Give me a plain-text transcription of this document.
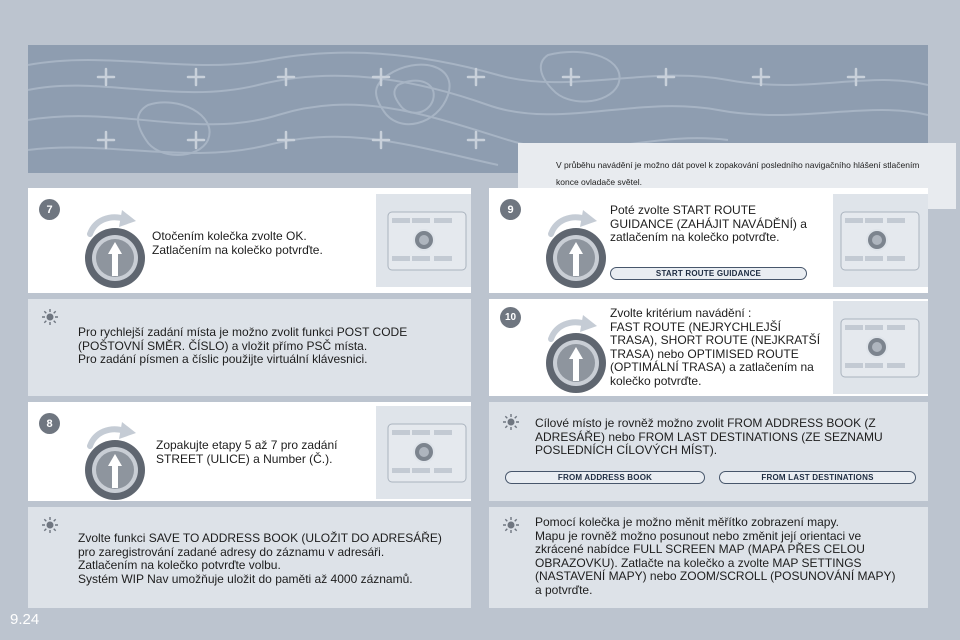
V průběhu navádění je možno dát povel k zopakování posledního navigačního hlášení stlačením konce ovladače světel.
7
Otočením kolečka zvolte OK.
Zatlačením na kolečko potvrďte.
Pro rychlejší zadání místa je možno zvolit funkci POST CODE
(POŠTOVNÍ SMĚR. ČÍSLO) a vložit přímo PSČ místa.
Pro zadání písmen a číslic použijte virtuální klávesnici.
8
Zopakujte etapy 5 až 7 pro zadání
STREET (ULICE) a Number (Č.).
Zvolte funkci SAVE TO ADDRESS BOOK (ULOŽIT DO ADRESÁŘE)
pro zaregistrování zadané adresy do záznamu v adresáři.
Zatlačením na kolečko potvrďte volbu.
Systém WIP Nav umožňuje uložit do paměti až 4000 záznamů.
9	Poté zvolte START ROUTE
GUIDANCE (ZAHÁJIT NAVÁDĚNÍ) a
zatlačením na kolečko potvrďte.
START ROUTE GUIDANCE
10	Zvolte kritérium navádění :
FAST ROUTE (NEJRYCHLEJŠÍ
TRASA), SHORT ROUTE (NEJKRATŠÍ
TRASA) nebo OPTIMISED ROUTE
(OPTIMÁLNÍ TRASA) a zatlačením na
kolečko potvrďte.
Cílové místo je rovněž možno zvolit FROM ADDRESS BOOK (Z
ADRESÁŘE) nebo FROM LAST DESTINATIONS (ZE SEZNAMU
POSLEDNÍCH CÍLOVÝCH MÍST).
FROM ADDRESS BOOK	FROM LAST DESTINATIONS
Pomocí kolečka je možno měnit měřítko zobrazení mapy.
Mapu je rovněž možno posunout nebo změnit její orientaci ve
zkrácené nabídce FULL SCREEN MAP (MAPA PŘES CELOU
OBRAZOVKU). Zatlačte na kolečko a zvolte MAP SETTINGS
(NASTAVENÍ MAPY) nebo ZOOM/SCROLL (POSUNOVÁNÍ MAPY)
a potvrďte.
9.24
